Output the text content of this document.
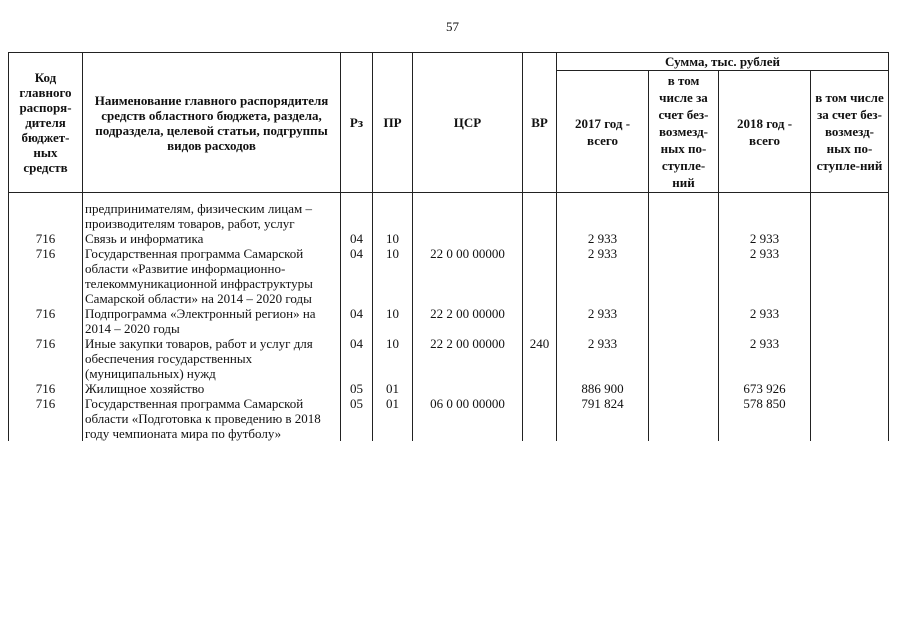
57
Код главного распоря-дителя бюджет-ных средств	Наименование главного распорядителя средств областного бюджета, раздела, подраздела, целевой статьи, подгруппы видов расходов	Рз	ПР	ЦСР	ВР	Сумма, тыс. рублей			
						2017 год - всего	в том числе за счет без-возмезд-ных по-ступле-ний	2018 год - всего	в том числе за счет без-возмезд-ных по-ступле-ний

	предпринимателям, физическим лицам – производителям товаров, работ, услуг								
716	Связь и информатика	04	10			2 933		2 933	
716	Государственная программа Самарской области «Развитие информационно-телекоммуникационной инфраструктуры Самарской области» на 2014 – 2020 годы	04	10	22 0 00 00000		2 933		2 933	
716	Подпрограмма «Электронный регион» на 2014 – 2020 годы	04	10	22 2 00 00000		2 933		2 933	
716	Иные закупки товаров, работ и услуг для обеспечения государственных (муниципальных) нужд	04	10	22 2 00 00000	240	2 933		2 933	
716	Жилищное хозяйство	05	01			886 900		673 926	
716	Государственная программа Самарской области «Подготовка к проведению в 2018 году чемпионата мира по футболу»	05	01	06 0 00 00000		791 824		578 850	
